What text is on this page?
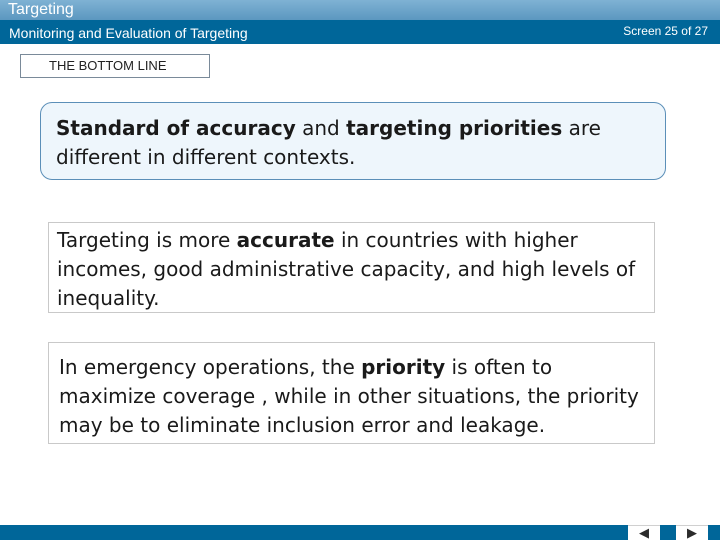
Targeting
Monitoring and Evaluation of Targeting	Screen 25 of 27
THE BOTTOM LINE
Standard of accuracy and targeting priorities are different in different contexts.
Targeting is more accurate in countries with higher incomes, good administrative capacity, and high levels of inequality.
In emergency operations, the priority is often to maximize coverage , while in other situations, the priority may be to eliminate inclusion error and leakage.
◀	▶
